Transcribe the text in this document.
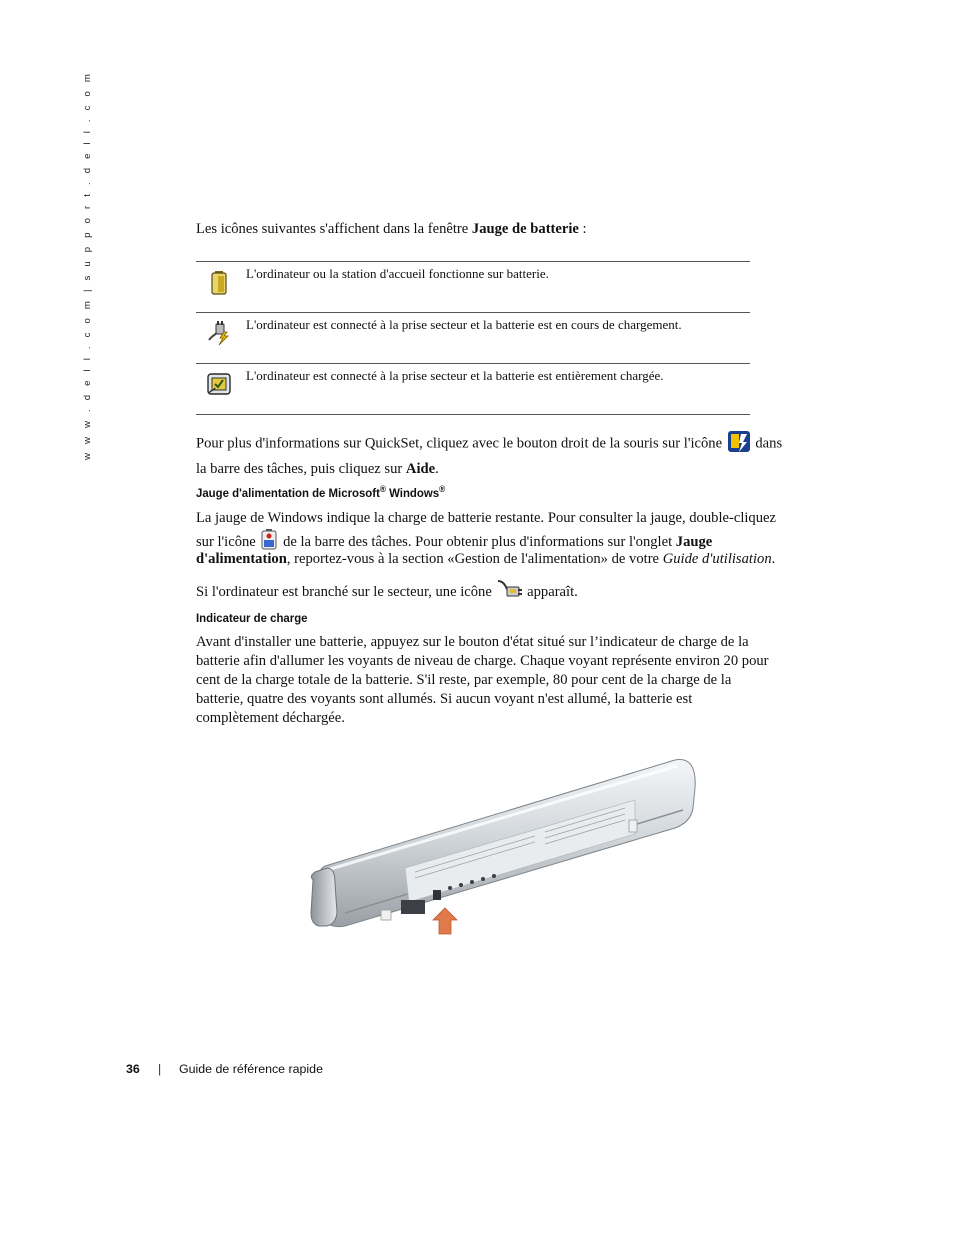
w w w . d e l l . c o m | s u p p o r t . d e l l . c o m	Les icônes suivantes s'affichent dans la fenêtre Jauge de batterie :

L'ordinateur ou la station d'accueil fonctionne sur batterie.
L'ordinateur est connecté à la prise secteur et la batterie est en cours de chargement.
L'ordinateur est connecté à la prise secteur et la batterie est entièrement chargée.

Pour plus d'informations sur QuickSet, cliquez avec le bouton droit de la souris sur l'icône  dans
la barre des tâches, puis cliquez sur Aide.

Jauge d'alimentation de Microsoft® Windows®
La jauge de Windows indique la charge de batterie restante. Pour consulter la jauge, double-cliquez
sur l'icône  de la barre des tâches. Pour obtenir plus d'informations sur l'onglet Jauge
d'alimentation, reportez-vous à la section «Gestion de l'alimentation» de votre Guide d'utilisation.
Si l'ordinateur est branché sur le secteur, une icône  apparaît.
Indicateur de charge
Avant d'installer une batterie, appuyez sur le bouton d'état situé sur l’indicateur de charge de la
batterie afin d'allumer les voyants de niveau de charge. Chaque voyant représente environ 20 pour
cent de la charge totale de la batterie. S'il reste, par exemple, 80 pour cent de la charge de la
batterie, quatre des voyants sont allumés. Si aucun voyant n'est allumé, la batterie est
complètement déchargée.
36 | Guide de référence rapide
